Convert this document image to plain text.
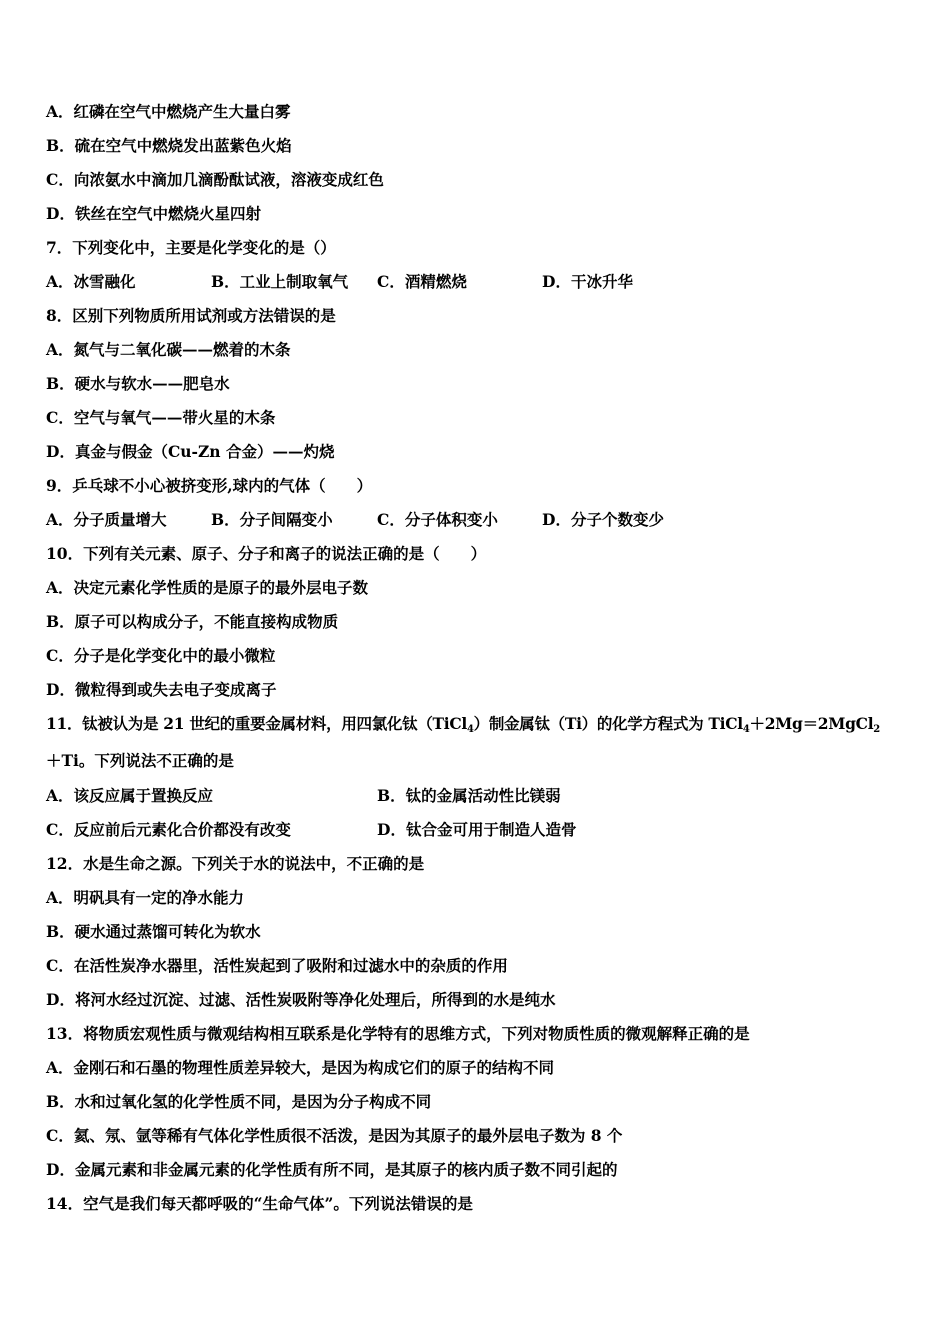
A．红磷在空气中燃烧产生大量白雾
B．硫在空气中燃烧发出蓝紫色火焰
C．向浓氨水中滴加几滴酚酞试液，溶液变成红色
D．铁丝在空气中燃烧火星四射
7．下列变化中，主要是化学变化的是（）
A．冰雪融化	B．工业上制取氧气 C．酒精燃烧	D．干冰升华
8．区别下列物质所用试剂或方法错误的是
A．氮气与二氧化碳——燃着的木条
B．硬水与软水——肥皂水
C．空气与氧气——带火星的木条
D．真金与假金（Cu-Zn 合金）——灼烧
9．乒乓球不小心被挤变形,球内的气体（　　）
A．分子质量增大	B．分子间隔变小	C．分子体积变小	D．分子个数变少
10．下列有关元素、原子、分子和离子的说法正确的是（　　）
A．决定元素化学性质的是原子的最外层电子数
B．原子可以构成分子，不能直接构成物质
C．分子是化学变化中的最小微粒
D．微粒得到或失去电子变成离子
11．钛被认为是 21 世纪的重要金属材料，用四氯化钛（TiCl$_4$）制金属钛（Ti）的化学方程式为 TiCl$_4$＋2Mg＝2MgCl$_2$
＋Ti。下列说法不正确的是
A．该反应属于置换反应	B．钛的金属活动性比镁弱
C．反应前后元素化合价都没有改变	D．钛合金可用于制造人造骨
12．水是生命之源。下列关于水的说法中，不正确的是
A．明矾具有一定的净水能力
B．硬水通过蒸馏可转化为软水
C．在活性炭净水器里，活性炭起到了吸附和过滤水中的杂质的作用
D．将河水经过沉淀、过滤、活性炭吸附等净化处理后，所得到的水是纯水
13．将物质宏观性质与微观结构相互联系是化学特有的思维方式，下列对物质性质的微观解释正确的是
A．金刚石和石墨的物理性质差异较大，是因为构成它们的原子的结构不同
B．水和过氧化氢的化学性质不同，是因为分子构成不同
C．氦、氖、氩等稀有气体化学性质很不活泼，是因为其原子的最外层电子数为 8 个
D．金属元素和非金属元素的化学性质有所不同，是其原子的核内质子数不同引起的
14．空气是我们每天都呼吸的“生命气体”。下列说法错误的是
